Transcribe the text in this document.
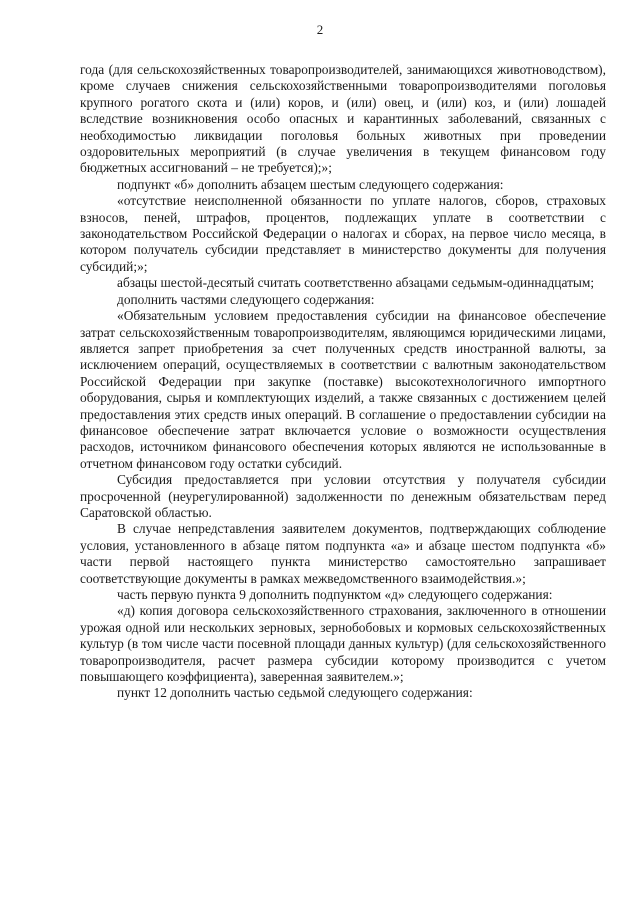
2

года (для сельскохозяйственных товаропроизводителей, занимающихся животноводством), кроме случаев снижения сельскохозяйственными товаропроизводителями поголовья крупного рогатого скота и (или) коров, и (или) овец, и (или) коз, и (или) лошадей вследствие возникновения особо опасных и карантинных заболеваний, связанных с необходимостью ликвидации поголовья больных животных при проведении оздоровительных мероприятий (в случае увеличения в текущем финансовом году бюджетных ассигнований – не требуется);»;

подпункт «б» дополнить абзацем шестым следующего содержания:

«отсутствие неисполненной обязанности по уплате налогов, сборов, страховых взносов, пеней, штрафов, процентов, подлежащих уплате в соответствии с законодательством Российской Федерации о налогах и сборах, на первое число месяца, в котором получатель субсидии представляет в министерство документы для получения субсидий;»;

абзацы шестой-десятый считать соответственно абзацами седьмым-одиннадцатым;

дополнить частями следующего содержания:

«Обязательным условием предоставления субсидии на финансовое обеспечение затрат сельскохозяйственным товаропроизводителям, являющимся юридическими лицами, является запрет приобретения за счет полученных средств иностранной валюты, за исключением операций, осуществляемых в соответствии с валютным законодательством Российской Федерации при закупке (поставке) высокотехнологичного импортного оборудования, сырья и комплектующих изделий, а также связанных с достижением целей предоставления этих средств иных операций. В соглашение о предоставлении субсидии на финансовое обеспечение затрат включается условие о возможности осуществления расходов, источником финансового обеспечения которых являются не использованные в отчетном финансовом году остатки субсидий.

Субсидия предоставляется при условии отсутствия у получателя субсидии просроченной (неурегулированной) задолженности по денежным обязательствам перед Саратовской областью.

В случае непредставления заявителем документов, подтверждающих соблюдение условия, установленного в абзаце пятом подпункта «а» и абзаце шестом подпункта «б» части первой настоящего пункта министерство самостоятельно запрашивает соответствующие документы в рамках межведомственного взаимодействия.»;

часть первую пункта 9 дополнить подпунктом «д» следующего содержания:

«д) копия договора сельскохозяйственного страхования, заключенного в отношении урожая одной или нескольких зерновых, зернобобовых и кормовых сельскохозяйственных культур (в том числе части посевной площади данных культур) (для сельскохозяйственного товаропроизводителя, расчет размера субсидии которому производится с учетом повышающего коэффициента), заверенная заявителем.»;

пункт 12 дополнить частью седьмой следующего содержания:
